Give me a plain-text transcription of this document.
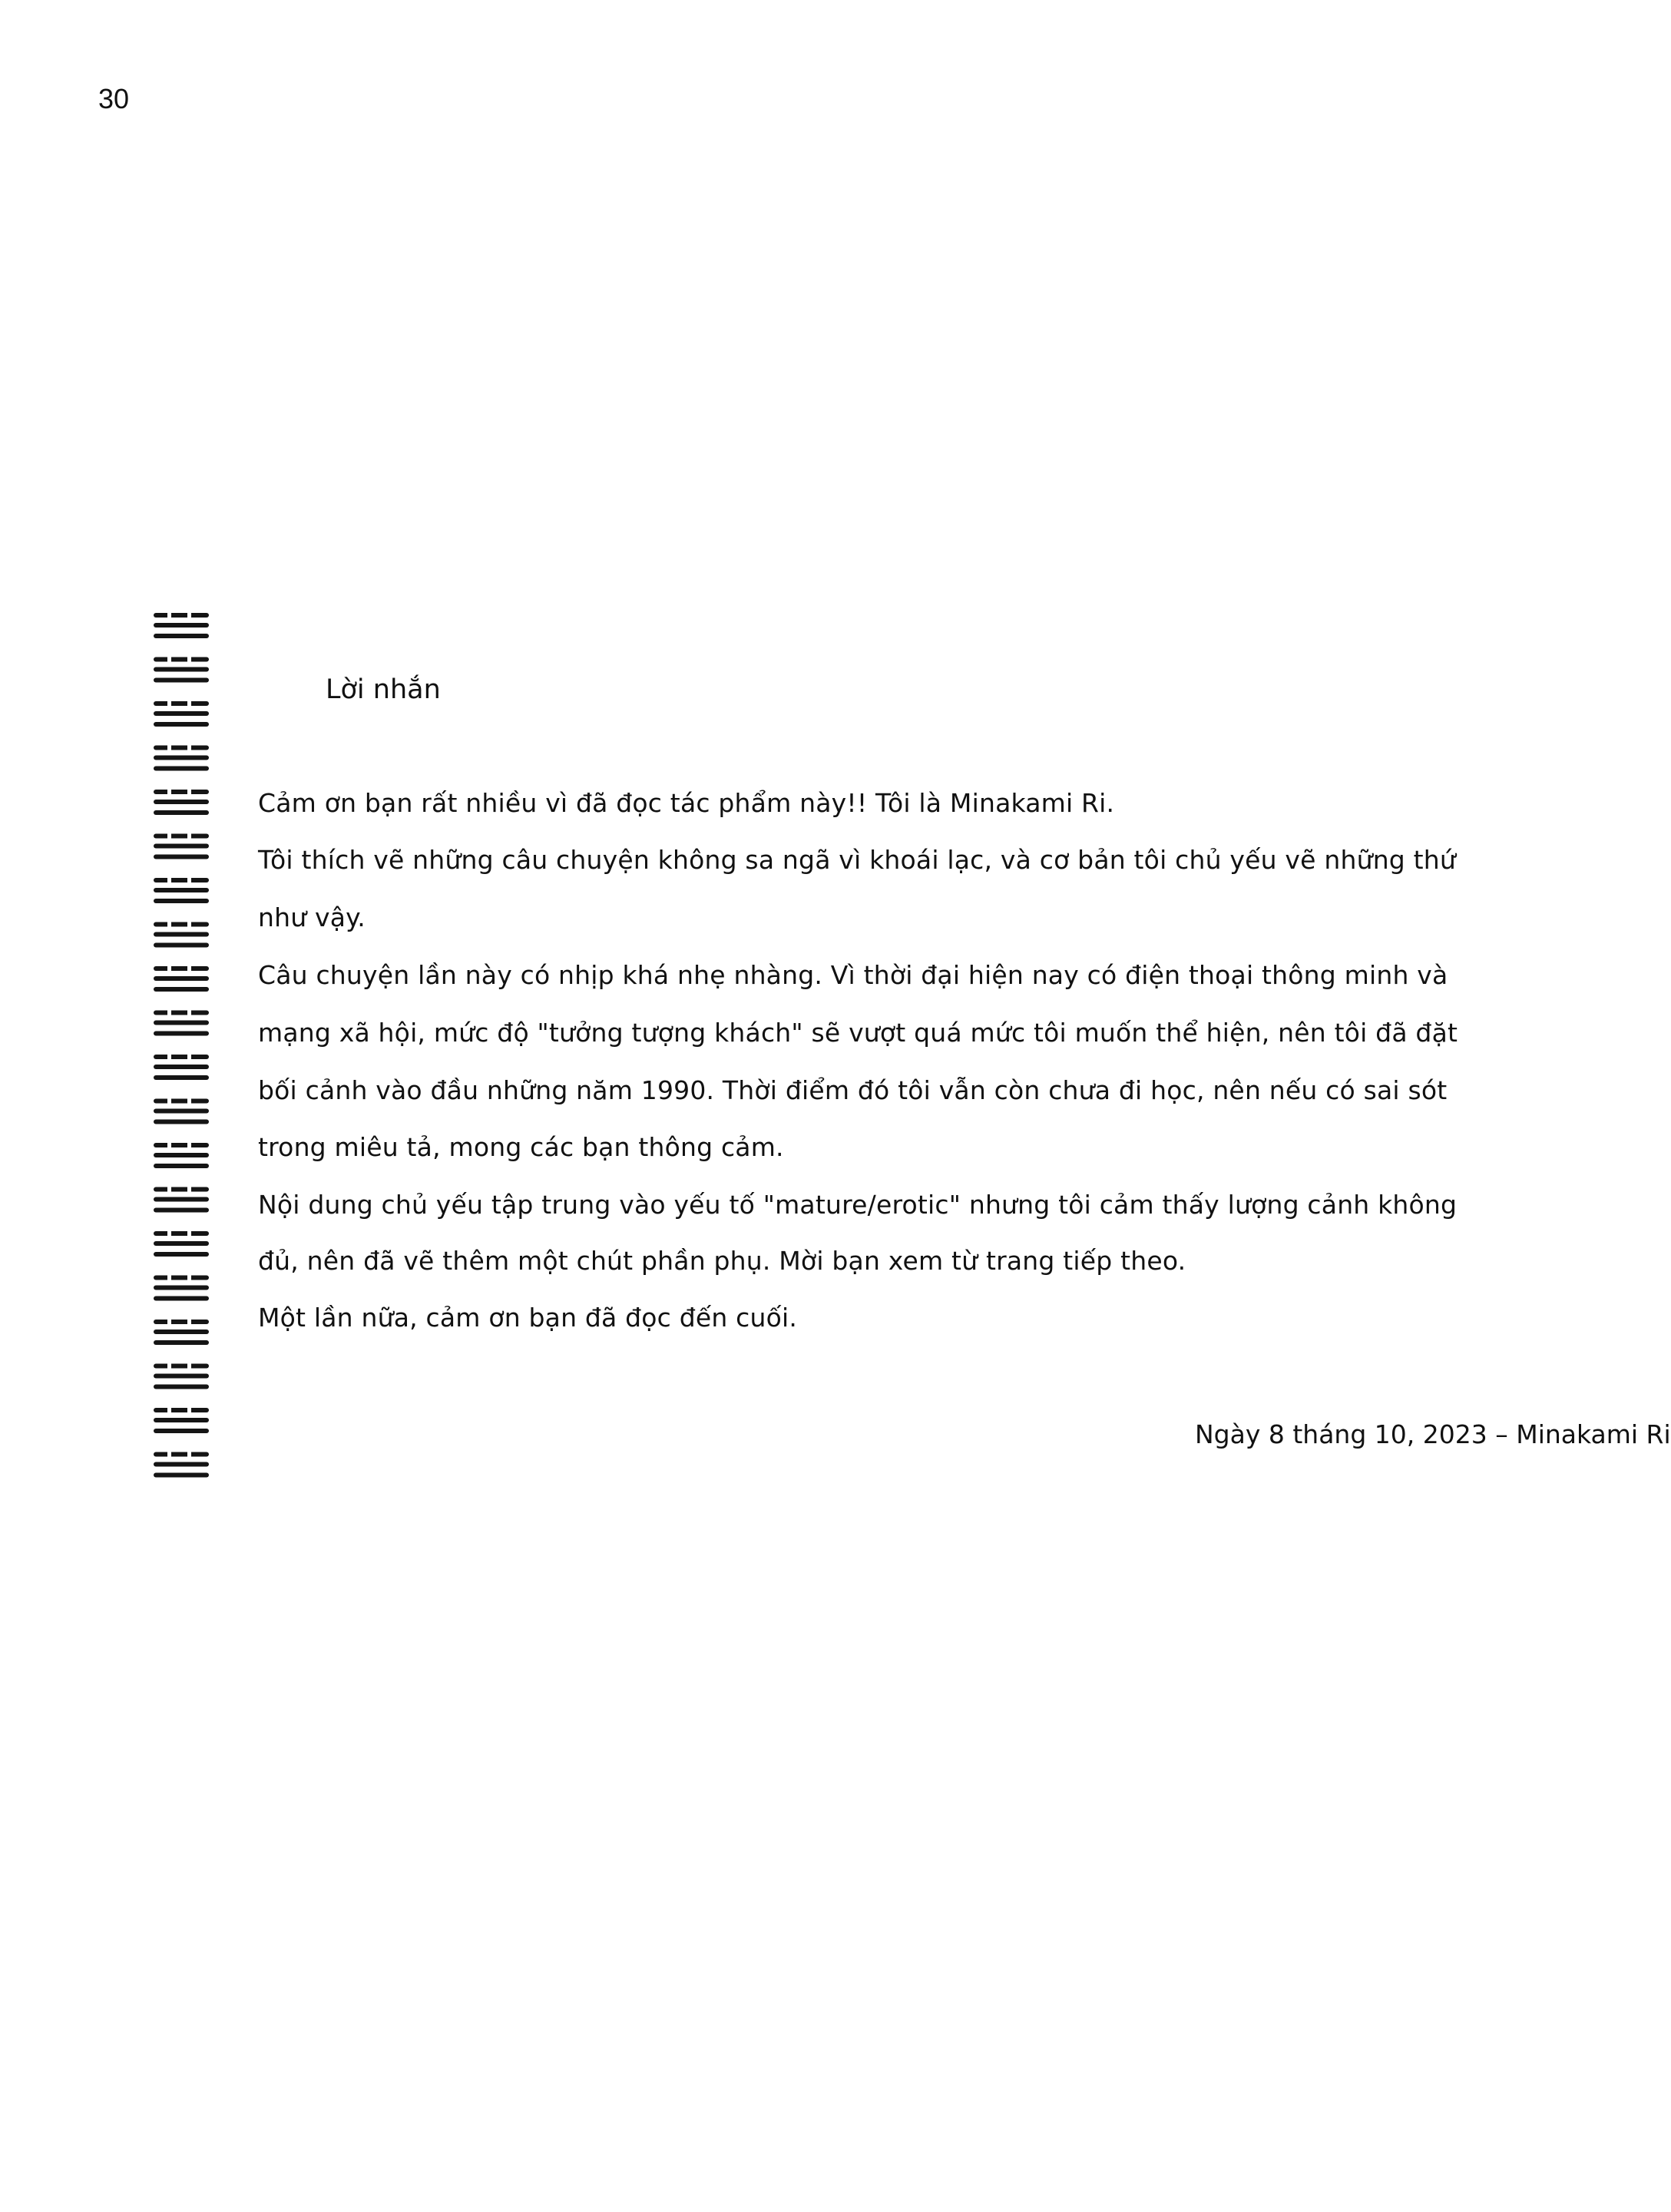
30
Lời nhắn
Cảm ơn bạn rất nhiều vì đã đọc tác phẩm này!! Tôi là Minakami Ri.
Tôi thích vẽ những câu chuyện không sa ngã vì khoái lạc, và cơ bản tôi chủ yếu vẽ những thứ
như vậy.
Câu chuyện lần này có nhịp khá nhẹ nhàng. Vì thời đại hiện nay có điện thoại thông minh và
mạng xã hội, mức độ "tưởng tượng khách" sẽ vượt quá mức tôi muốn thể hiện, nên tôi đã đặt
bối cảnh vào đầu những năm 1990. Thời điểm đó tôi vẫn còn chưa đi học, nên nếu có sai sót
trong miêu tả, mong các bạn thông cảm.
Nội dung chủ yếu tập trung vào yếu tố "mature/erotic" nhưng tôi cảm thấy lượng cảnh không
đủ, nên đã vẽ thêm một chút phần phụ. Mời bạn xem từ trang tiếp theo.
Một lần nữa, cảm ơn bạn đã đọc đến cuối.
Ngày 8 tháng 10, 2023 – Minakami Ri
